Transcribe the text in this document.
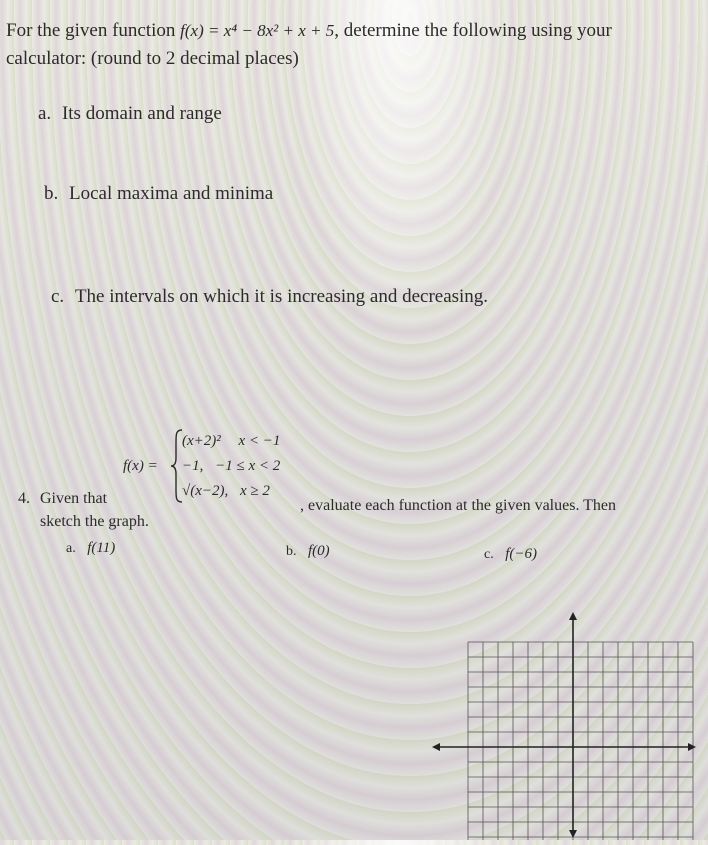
For the given function f(x) = x⁴ − 8x² + x + 5, determine the following using your
calculator: (round to 2 decimal places)
a. Its domain and range
b. Local maxima and minima
c. The intervals on which it is increasing and decreasing.
f(x) =
(x+2)² x < −1
−1, −1 ≤ x < 2
√(x−2), x ≥ 2
4. Given that	, evaluate each function at the given values. Then
sketch the graph.
a. f(11)	b. f(0)	c. f(−6)
